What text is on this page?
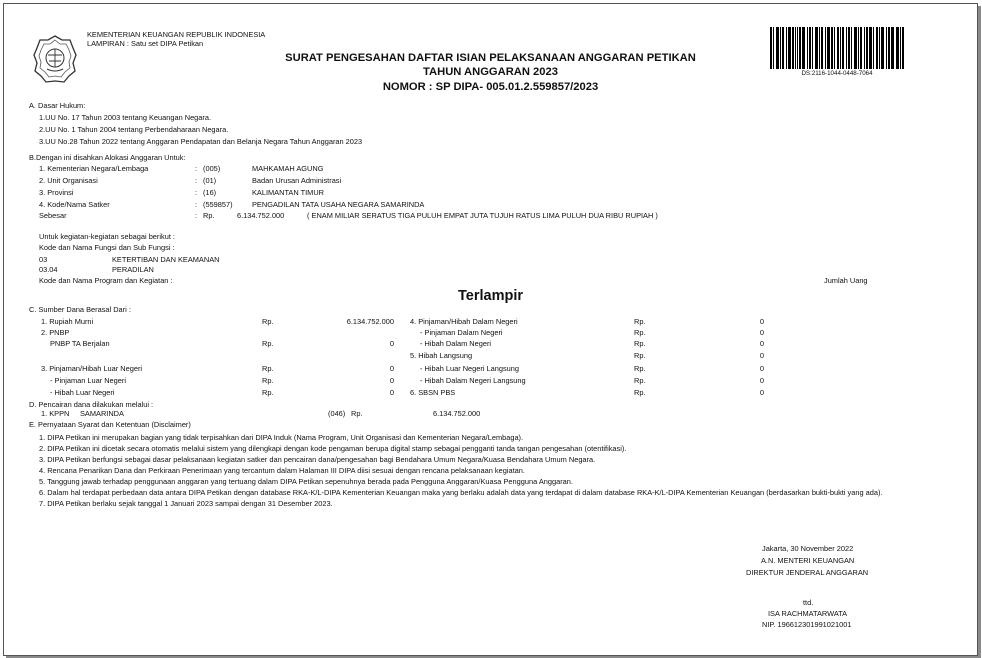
KEMENTERIAN KEUANGAN REPUBLIK INDONESIA
LAMPIRAN : Satu set DIPA Petikan
SURAT PENGESAHAN DAFTAR ISIAN PELAKSANAAN ANGGARAN PETIKAN
TAHUN ANGGARAN 2023
NOMOR : SP DIPA- 005.01.2.559857/2023
DS:2116-1044-0448-7064
A. Dasar Hukum:
1.UU No. 17 Tahun 2003 tentang Keuangan Negara.
2.UU No. 1 Tahun 2004 tentang Perbendaharaan Negara.
3.UU No.28 Tahun 2022 tentang Anggaran Pendapatan dan Belanja Negara Tahun Anggaran 2023
B.Dengan ini disahkan Alokasi Anggaran Untuk:
1. Kementerian Negara/Lembaga	: (005)	MAHKAMAH AGUNG
2. Unit Organisasi	: (01)	Badan Urusan Administrasi
3. Provinsi	: (16)	KALIMANTAN TIMUR
4. Kode/Nama Satker	: (559857)	PENGADILAN TATA USAHA NEGARA SAMARINDA
Sebesar	: Rp.	6.134.752.000	( ENAM MILIAR SERATUS TIGA PULUH EMPAT JUTA TUJUH RATUS LIMA PULUH DUA RIBU RUPIAH )
Untuk kegiatan-kegiatan sebagai berikut :
Kode dan Nama Fungsi dan Sub Fungsi :
03	KETERTIBAN DAN KEAMANAN
03.04	PERADILAN
Kode dan Nama Program dan Kegiatan :	Jumlah Uang
Terlampir
C. Sumber Dana Berasal Dari :
1. Rupiah Murni	Rp.	6.134.752.000
2. PNBP
PNBP TA Berjalan	Rp.	0
3. Pinjaman/Hibah Luar Negeri	Rp.	0
- Pinjaman Luar Negeri	Rp.	0
- Hibah Luar Negeri	Rp.	0
4. Pinjaman/Hibah Dalam Negeri	Rp.	0
- Pinjaman Dalam Negeri	Rp.	0
- Hibah Dalam Negeri	Rp.	0
5. Hibah Langsung	Rp.	0
- Hibah Luar Negeri Langsung	Rp.	0
- Hibah Dalam Negeri Langsung	Rp.	0
6. SBSN PBS	Rp.	0
D. Pencairan dana dilakukan melalui :
1. KPPN SAMARINDA	(046) Rp.	6.134.752.000
E. Pernyataan Syarat dan Ketentuan (Disclaimer)
1. DIPA Petikan ini merupakan bagian yang tidak terpisahkan dari DIPA Induk (Nama Program, Unit Organisasi dan Kementerian Negara/Lembaga).
2. DIPA Petikan ini dicetak secara otomatis melalui sistem yang dilengkapi dengan kode pengaman berupa digital stamp sebagai pengganti tanda tangan pengesahan (otentifikasi).
3. DIPA Petikan berfungsi sebagai dasar pelaksanaan kegiatan satker dan pencairan dana/pengesahan bagi Bendahara Umum Negara/Kuasa Bendahara Umum Negara.
4. Rencana Penarikan Dana dan Perkiraan Penerimaan yang tercantum dalam Halaman III DIPA diisi sesuai dengan rencana pelaksanaan kegiatan.
5. Tanggung jawab terhadap penggunaan anggaran yang tertuang dalam DIPA Petikan sepenuhnya berada pada Pengguna Anggaran/Kuasa Pengguna Anggaran.
6. Dalam hal terdapat perbedaan data antara DIPA Petikan dengan database RKA-K/L-DIPA Kementerian Keuangan maka yang berlaku adalah data yang terdapat di dalam database RKA-K/L-DIPA Kementerian Keuangan (berdasarkan bukti-bukti yang ada).
7. DIPA Petikan berlaku sejak tanggal 1 Januari 2023 sampai dengan 31 Desember 2023.
Jakarta, 30 November 2022
A.N. MENTERI KEUANGAN
DIREKTUR JENDERAL ANGGARAN
ttd.
ISA RACHMATARWATA
NIP. 196612301991021001
